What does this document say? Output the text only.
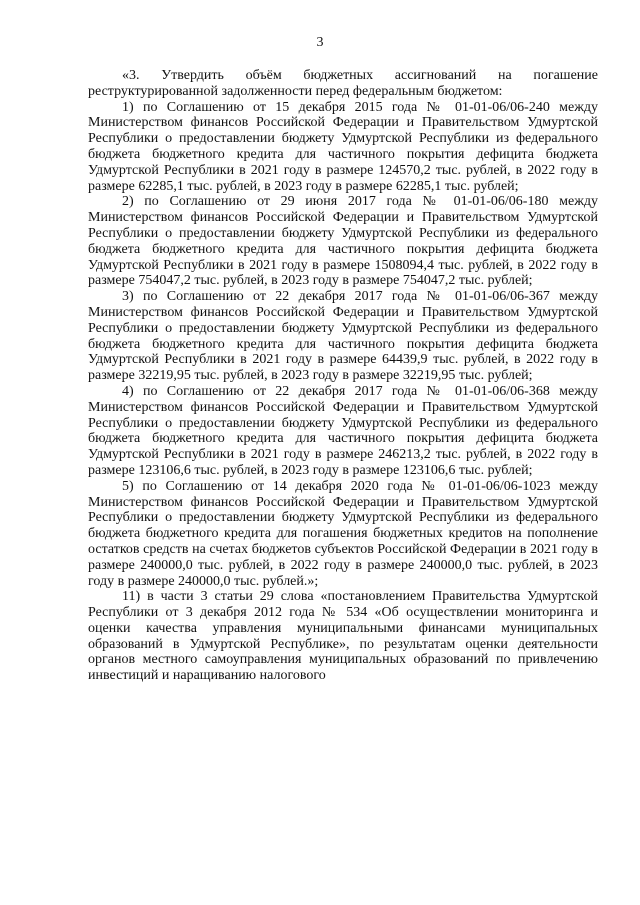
3

«3. Утвердить объём бюджетных ассигнований на погашение реструктурированной задолженности перед федеральным бюджетом:

1) по Соглашению от 15 декабря 2015 года № 01-01-06/06-240 между Министерством финансов Российской Федерации и Правительством Удмуртской Республики о предоставлении бюджету Удмуртской Республики из федерального бюджета бюджетного кредита для частичного покрытия дефицита бюджета Удмуртской Республики в 2021 году в размере 124570,2 тыс. рублей, в 2022 году в размере 62285,1 тыс. рублей, в 2023 году в размере 62285,1 тыс. рублей;

2) по Соглашению от 29 июня 2017 года № 01-01-06/06-180 между Министерством финансов Российской Федерации и Правительством Удмуртской Республики о предоставлении бюджету Удмуртской Республики из федерального бюджета бюджетного кредита для частичного покрытия дефицита бюджета Удмуртской Республики в 2021 году в размере 1508094,4 тыс. рублей, в 2022 году в размере 754047,2 тыс. рублей, в 2023 году в размере 754047,2 тыс. рублей;

3) по Соглашению от 22 декабря 2017 года № 01-01-06/06-367 между Министерством финансов Российской Федерации и Правительством Удмуртской Республики о предоставлении бюджету Удмуртской Республики из федерального бюджета бюджетного кредита для частичного покрытия дефицита бюджета Удмуртской Республики в 2021 году в размере 64439,9 тыс. рублей, в 2022 году в размере 32219,95 тыс. рублей, в 2023 году в размере 32219,95 тыс. рублей;

4) по Соглашению от 22 декабря 2017 года № 01-01-06/06-368 между Министерством финансов Российской Федерации и Правительством Удмуртской Республики о предоставлении бюджету Удмуртской Республики из федерального бюджета бюджетного кредита для частичного покрытия дефицита бюджета Удмуртской Республики в 2021 году в размере 246213,2 тыс. рублей, в 2022 году в размере 123106,6 тыс. рублей, в 2023 году в размере 123106,6 тыс. рублей;

5) по Соглашению от 14 декабря 2020 года № 01-01-06/06-1023 между Министерством финансов Российской Федерации и Правительством Удмуртской Республики о предоставлении бюджету Удмуртской Республики из федерального бюджета бюджетного кредита для погашения бюджетных кредитов на пополнение остатков средств на счетах бюджетов субъектов Российской Федерации в 2021 году в размере 240000,0 тыс. рублей, в 2022 году в размере 240000,0 тыс. рублей, в 2023 году в размере 240000,0 тыс. рублей.»;

11) в части 3 статьи 29 слова «постановлением Правительства Удмуртской Республики от 3 декабря 2012 года № 534 «Об осуществлении мониторинга и оценки качества управления муниципальными финансами муниципальных образований в Удмуртской Республике», по результатам оценки деятельности органов местного самоуправления муниципальных образований по привлечению инвестиций и наращиванию налогового
